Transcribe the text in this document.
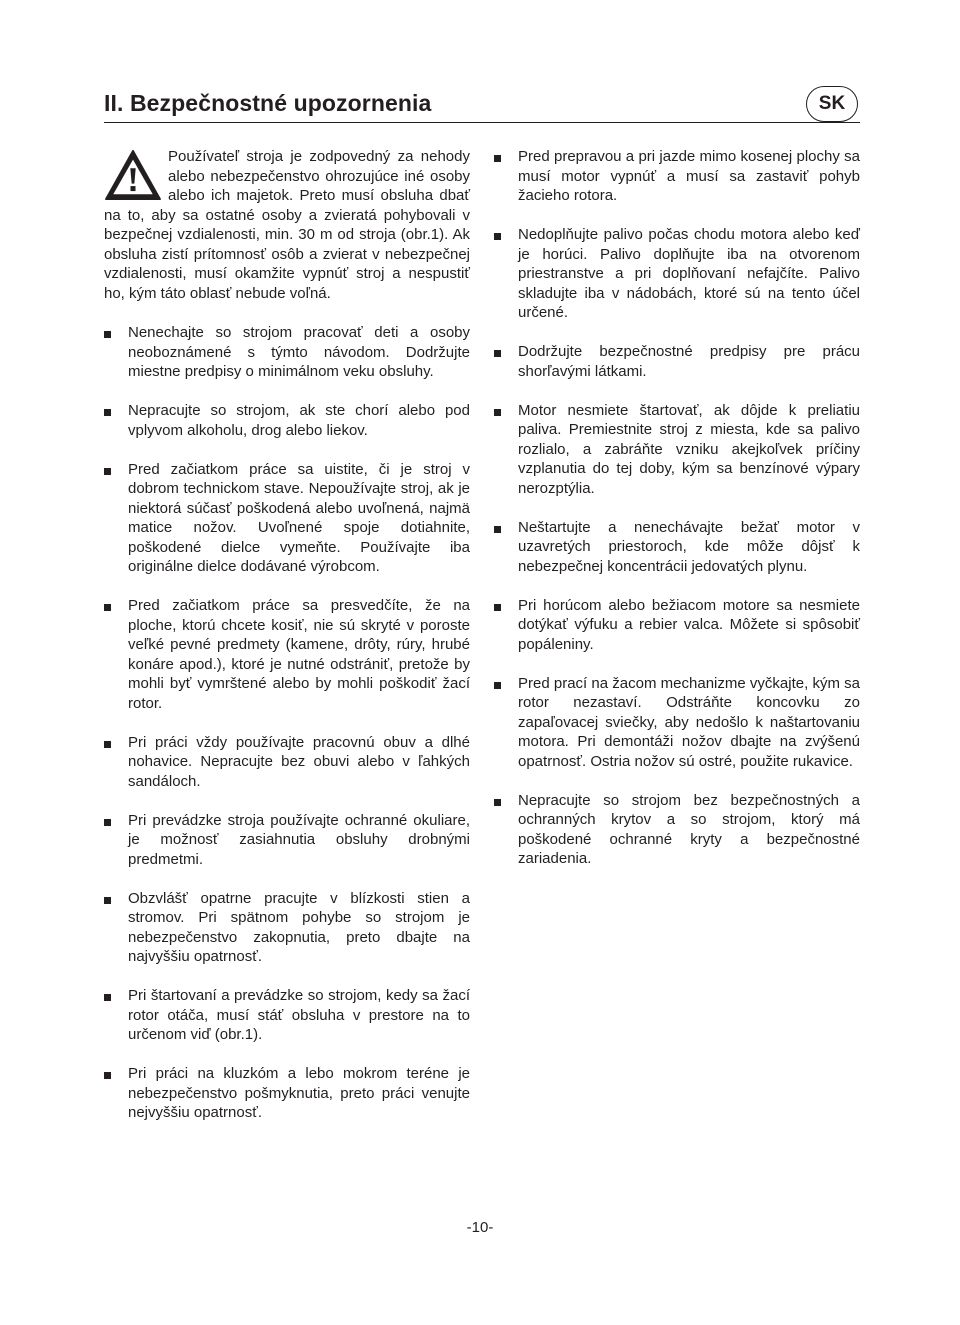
II. Bezpečnostné upozornenia	SK
Používateľ stroja je zodpovedný za nehody alebo nebezpečenstvo ohrozujúce iné osoby alebo ich majetok. Preto musí obsluha dbať na to, aby sa ostatné osoby a zvieratá pohybovali v bezpečnej vzdialenosti, min. 30 m od stroja (obr.1). Ak obsluha zistí prítomnosť osôb a zvierat v nebezpečnej vzdialenosti, musí okamžite vypnúť stroj a nespustiť ho, kým táto oblasť nebude voľná.
Nenechajte so strojom pracovať deti a osoby neoboznámené s týmto návodom. Dodržujte miestne predpisy o minimálnom veku obsluhy.
Nepracujte so strojom, ak ste chorí alebo pod vplyvom alkoholu, drog alebo liekov.
Pred začiatkom práce sa uistite, či je stroj v dobrom technickom stave. Nepoužívajte stroj, ak je niektorá súčasť poškodená alebo uvoľnená, najmä matice nožov. Uvoľnené spoje dotiahnite, poškodené dielce vymeňte. Používajte iba originálne dielce dodávané výrobcom.
Pred začiatkom práce sa presvedčíte, že na ploche, ktorú chcete kosiť, nie sú skryté v poroste veľké pevné predmety (kamene, drôty, rúry, hrubé konáre apod.), ktoré je nutné odstrániť, pretože by mohli byť vymrštené alebo by mohli poškodiť žací rotor.
Pri práci vždy používajte pracovnú obuv a dlhé nohavice. Nepracujte bez obuvi alebo v ľahkých sandáloch.
Pri prevádzke stroja používajte ochranné okuliare, je možnosť zasiahnutia obsluhy drobnými predmetmi.
Obzvlášť opatrne pracujte v blízkosti stien a stromov. Pri spätnom pohybe so strojom je nebezpečenstvo zakopnutia, preto dbajte na najvyššiu opatrnosť.
Pri štartovaní a prevádzke so strojom, kedy sa žací rotor otáča, musí stáť obsluha v prestore na to určenom viď (obr.1).
Pri práci na kluzkóm a lebo mokrom teréne je nebezpečenstvo pošmyknutia, preto práci venujte nejvyššiu opatrnosť.
Pred prepravou a pri jazde mimo kosenej plochy sa musí motor vypnúť a musí sa zastaviť pohyb žacieho rotora.
Nedoplňujte palivo počas chodu motora alebo keď je horúci. Palivo doplňujte iba na otvorenom priestranstve a pri doplňovaní nefajčíte. Palivo skladujte iba v nádobách, ktoré sú na tento účel určené.
Dodržujte bezpečnostné predpisy pre prácu shorľavými látkami.
Motor nesmiete štartovať, ak dôjde k preliatiu paliva. Premiestnite stroj z miesta, kde sa palivo rozlialo, a zabráňte vzniku akejkoľvek príčiny vzplanutia do tej doby, kým sa benzínové výpary nerozptýlia.
Neštartujte a nenechávajte bežať motor v uzavretých priestoroch, kde môže dôjsť k nebezpečnej koncentrácii jedovatých plynu.
Pri horúcom alebo bežiacom motore sa nesmiete dotýkať výfuku a rebier valca. Môžete si spôsobiť popáleniny.
Pred prací na žacom mechanizme vyčkajte, kým sa rotor nezastaví. Odstráňte koncovku zo zapaľovacej sviečky, aby nedošlo k naštartovaniu motora. Pri demontáži nožov dbajte na zvýšenú opatrnosť. Ostria nožov sú ostré, použite rukavice.
Nepracujte so strojom bez bezpečnostných a ochranných krytov a so strojom, ktorý má poškodené ochranné kryty a bezpečnostné zariadenia.
-10-
